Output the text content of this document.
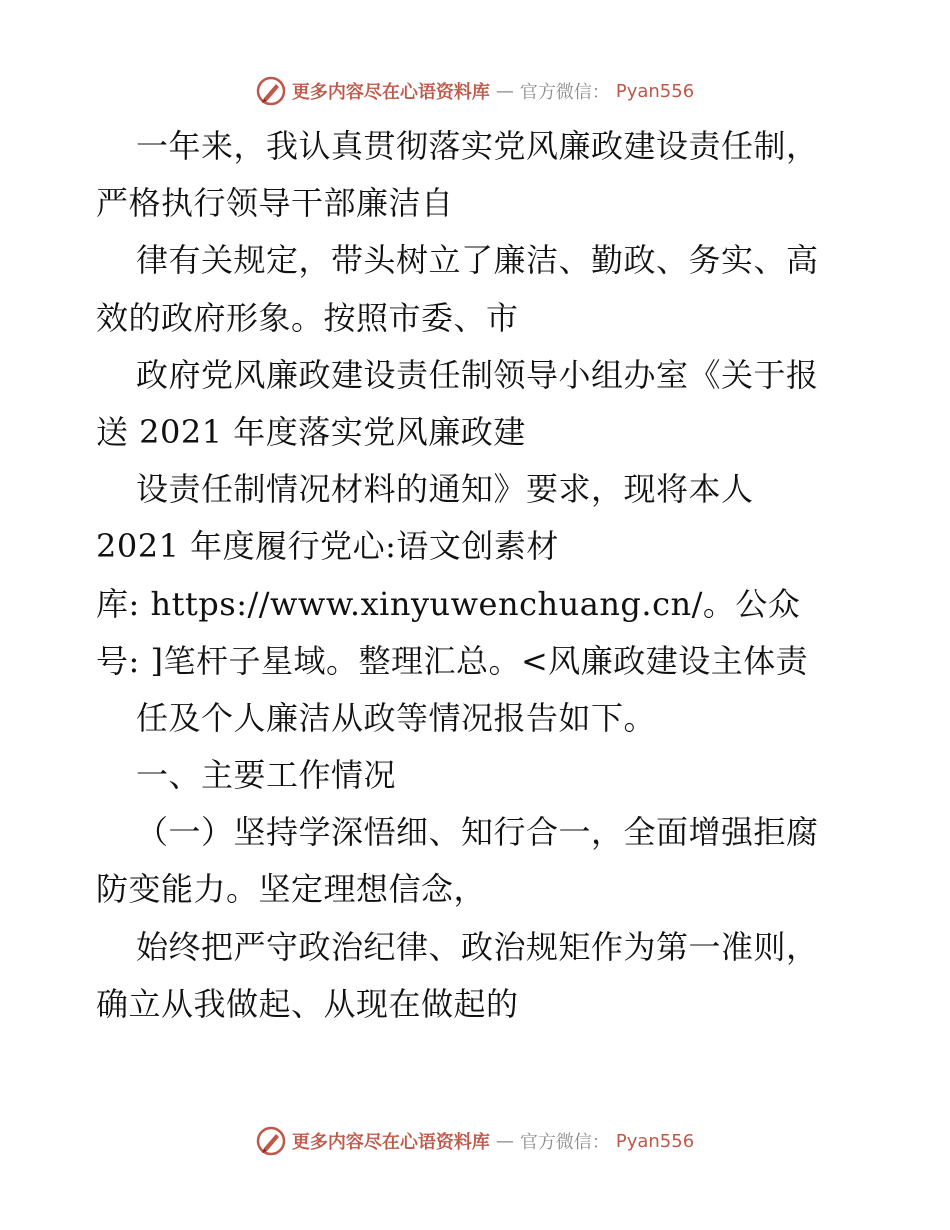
更多内容尽在心语资料库 — 官方微信： Pyan556
一年来，我认真贯彻落实党风廉政建设责任制，
严格执行领导干部廉洁自
律有关规定，带头树立了廉洁、勤政、务实、高
效的政府形象。按照市委、市
政府党风廉政建设责任制领导小组办室《关于报
送 2021 年度落实党风廉政建
设责任制情况材料的通知》要求，现将本人
2021 年度履行党心:语文创素材
库: https://www.xinyuwenchuang.cn/。公众
号: ]笔杆子星域。整理汇总。<风廉政建设主体责
任及个人廉洁从政等情况报告如下。
一、主要工作情况
（一）坚持学深悟细、知行合一，全面增强拒腐
防变能力。坚定理想信念，
始终把严守政治纪律、政治规矩作为第一准则，
确立从我做起、从现在做起的
更多内容尽在心语资料库 — 官方微信： Pyan556
